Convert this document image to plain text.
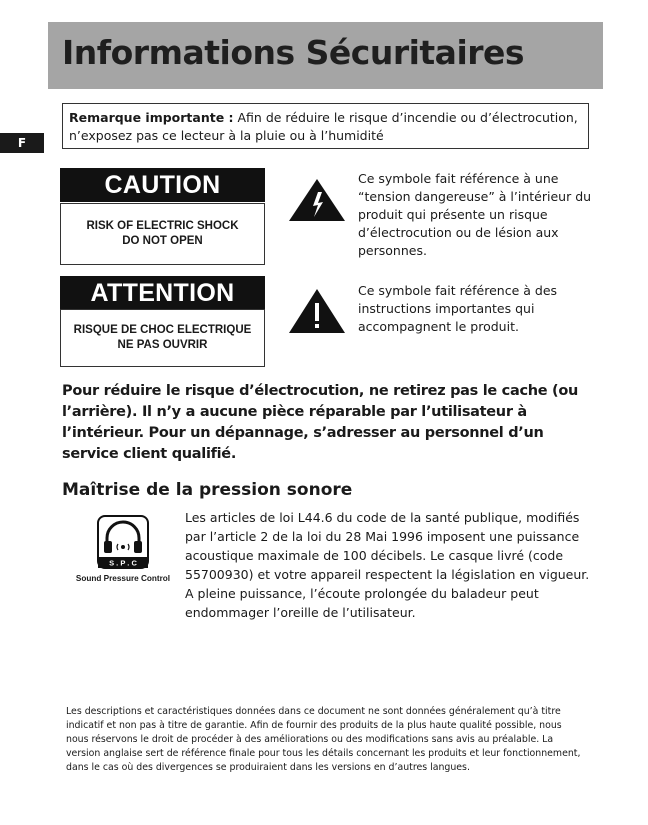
Informations Sécuritaires
F
Remarque importante : Afin de réduire le risque d’incendie ou d’électrocution, n’exposez pas ce lecteur à la pluie ou à l’humidité
CAUTION
RISK OF ELECTRIC SHOCK
DO NOT OPEN
ATTENTION
RISQUE DE CHOC ELECTRIQUE
NE PAS OUVRIR
Ce symbole fait référence à une “tension dangereuse” à l’intérieur du produit qui présente un risque d’électrocution ou de lésion aux personnes.
Ce symbole fait référence à des instructions importantes qui accompagnent le produit.
Pour réduire le risque d’électrocution, ne retirez pas le cache (ou l’arrière). Il n’y a aucune pièce réparable par l’utilisateur à l’intérieur. Pour un dépannage, s’adresser au personnel d’un service client qualifié.
Maîtrise de la pression sonore
S . P . C
Sound Pressure Control

Les articles de loi L44.6 du code de la santé publique, modifiés par l’article 2 de la loi du 28 Mai 1996 imposent une puissance acoustique maximale de 100 décibels. Le casque livré (code 55700930) et votre appareil respectent la législation en vigueur.

A pleine puissance, l’écoute prolongée du baladeur peut endommager l’oreille de l’utilisateur.

Les descriptions et caractéristiques données dans ce document ne sont données généralement qu’à titre indicatif et non pas à titre de garantie. Afin de fournir des produits de la plus haute qualité possible, nous nous réservons le droit de procéder à des améliorations ou des modifications sans avis au préalable. La version anglaise sert de référence finale pour tous les détails concernant les produits et leur fonctionnement, dans le cas où des divergences se produiraient dans les versions en d’autres langues.
